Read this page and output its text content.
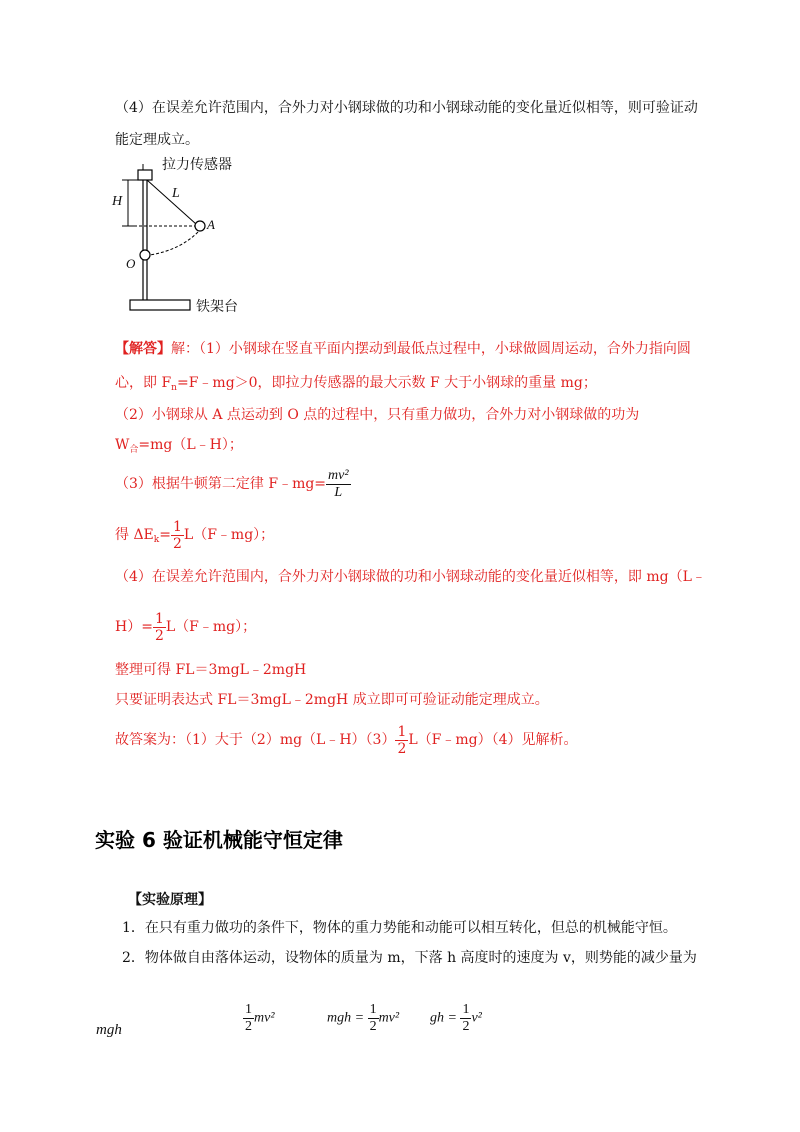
（4）在误差允许范围内，合外力对小钢球做的功和小钢球动能的变化量近似相等，则可验证动
能定理成立。
拉力传感器
铁架台
L
H
A
O
【解答】解：（1）小钢球在竖直平面内摆动到最低点过程中，小球做圆周运动，合外力指向圆
心，即 $F_n=F﹣mg>0$，即拉力传感器的最大示数 F 大于小钢球的重量 mg；
（2）小钢球从 A 点运动到 O 点的过程中，只有重力做功，合外力对小钢球做的功为
$W_合=mg(L﹣H)$；
（3）根据牛顿第二定律 F﹣mg= $\frac{\text{mv²}}{L}$
得 $\Delta E_k= \frac{1}{2}$ L（F﹣mg）；
（4）在误差允许范围内，合外力对小钢球做的功和小钢球动能的变化量近似相等，即 mg（L﹣
$H)= \frac{1}{2}$ L（F﹣mg）；
整理可得 FL＝3mgL﹣2mgH
只要证明表达式 FL＝3mgL﹣2mgH 成立即可可验证动能定理成立。
故答案为：（1）大于（2）mg（L﹣H）（3） $\frac{1}{2}$ L（F﹣mg）（4）见解析。
实验 6 验证机械能守恒定律
【实验原理】
1．在只有重力做功的条件下，物体的重力势能和动能可以相互转化，但总的机械能守恒。
2．物体做自由落体运动，设物体的质量为 m，下落 h 高度时的速度为 v，则势能的减少量为
mgh	$\frac{1}{2} mv^2$	mgh = $\frac{1}{2} mv^2$ gh = $\frac{1}{2} v^2$
